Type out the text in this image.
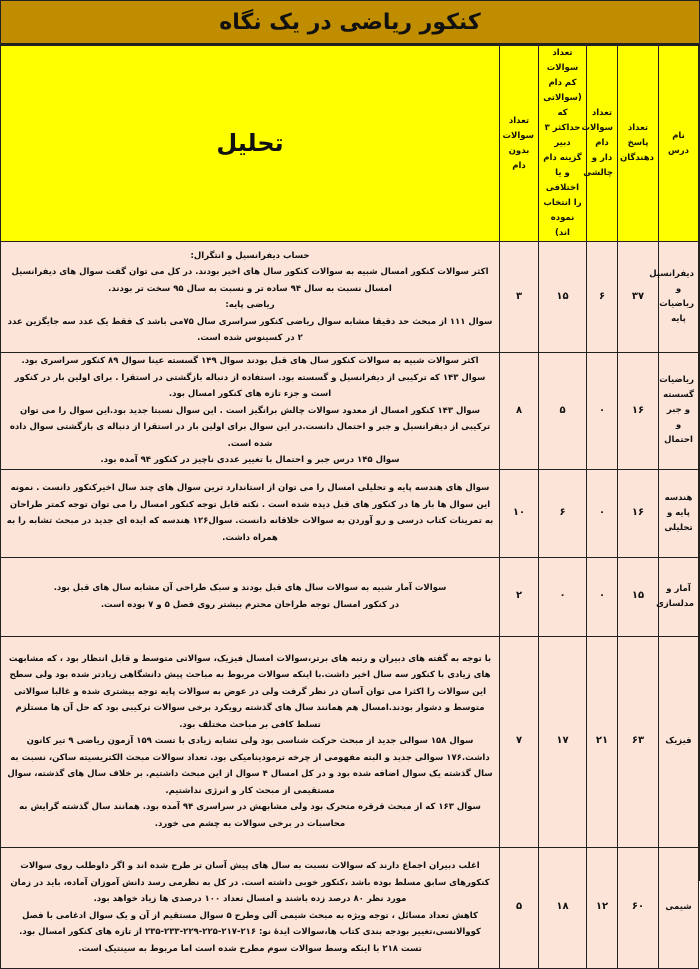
کنکور ریاضی در یک نگاه
نام درس	تعداد پاسخ دهندگان	تعداد سوالات دام دار و چالشی	تعداد سوالات کم دام (سوالاتی که حداکثر ۳ دبیر گزینه دام و یا اختلافی را انتخاب نموده اند)	تعداد سوالات بدون دام	تحلیل
دیفرانسیل و ریاضیات پایه	۳۷	۶	۱۵	۳	حساب دیفرانسیل و انتگرال:

اکثر سوالات کنکور امسال شبیه به سوالات کنکور سال های اخیر بودند. در کل می توان گفت سوال های دیفرانسیل امسال نسبت به سال ۹۴ ساده تر و نسبت به سال ۹۵ سخت تر بودند.

ریاضی پایه:

سوال ۱۱۱ از مبحث حد دقیقا مشابه سوال ریاضی کنکور سراسری سال ۷۵می باشد ک فقط یک عدد سه جایگزین عدد ۲ در کسینوس شده است.

ریاضیات گسسته و جبر و احتمال	۱۶	۰	۵	۸	اکثر سوالات شبیه به سوالات کنکور سال های قبل بودند سوال ۱۴۹ گسسته عینا سوال ۸۹ کنکور سراسری بود.

سوال ۱۴۳ که ترکیبی از دیفرانسیل و گسسته بود. استفاده از دنباله بازگشتی در استقرا . برای اولین بار در کنکور است و جزء تازه های کنکور امسال بود.

سوال ۱۴۳ کنکور امسال از معدود سوالات چالش برانگیز است . این سوال نسبتا جدید بود.این سوال را می توان ترکیبی از دیفرانسیل و جبر و احتمال دانست.در این سوال برای اولین بار در استقرا از دنباله ی بازگشتی سوال داده شده است.

سوال ۱۴۵ درس جبر و احتمال با تغییر عددی ناچیز در کنکور ۹۴ آمده بود.

هندسه پایه و تحلیلی	۱۶	۰	۶	۱۰	سوال های هندسه پایه و تحلیلی امسال را می توان از استاندارد ترین سوال های چند سال اخیرکنکور دانست . نمونه این سوال ها بار ها در کنکور های قبل دیده شده است . نکته قابل توجه کنکور امسال را می توان توجه کمتر طراحان به تمرینات کتاب درسی و رو آوردن به سوالات خلاقانه دانست. سوال۱۲۶ هندسه که ایده ای جدید در مبحث تشابه را به همراه داشت.

آمار و مدلسازی	۱۵	۰	۰	۲	سوالات آمار شبیه به سوالات سال های قبل بودند و سبک طراحی آن مشابه سال های قبل بود.

در کنکور امسال توجه طراحان محترم بیشتر روی فصل ۵ و ۷ بوده است.

فیزیک	۶۳	۲۱	۱۷	۷	با توجه به گفته های دبیران و رتبه های برتر،سوالات امسال فیزیک، سوالاتی متوسط و قابل انتظار بود ، که مشابهت های زیادی با کنکور سه سال اخیر داشت.با اینکه سوالات مربوط به مباحث پیش دانشگاهی زیادتر شده بود ولی سطح این سوالات را اکثرا می توان آسان در نظر گرفت ولی در عوض به سوالات پایه توجه بیشتری شده و غالبا سوالاتی متوسط و دشوار بودند.امسال هم همانند سال های گذشته رویکرد برخی سوالات ترکیبی بود که حل آن ها مستلزم تسلط کافی بر مباحث مختلف بود.

سوال ۱۵۸ سوالی جدید از مبحث حرکت شناسی بود ولی تشابه زیادی با تست ۱۵۹ آزمون ریاضی ۹ تیر کانون داشت.۱۷۶ سوالی جدید و البته مفهومی از چرخه ترمودینامیکی بود. تعداد سوالات مبحث الکتریسیته ساکن، نسبت به سال گذشته یک سوال اضافه شده بود و در کل امسال ۴ سوال از این مبحث داشتیم. بر خلاف سال های گذشته، سوال مستقیمی از مبحث کار و انرژی نداشتیم.

سوال ۱۶۳ که از مبحث قرقره متحرک بود ولی مشابهش در سراسری ۹۴ آمده بود. همانند سال گذشته گرایش به محاسبات در برخی سوالات به چشم می خورد.

شیمی	۶۰	۱۲	۱۸	۵	اغلب دبیران اجماع دارند که سوالات نسبت به سال های پیش آسان تر طرح شده اند و اگر داوطلب روی سوالات کنکورهای سابق مسلط بوده باشد ،کنکور خوبی داشته است. در کل به نظرمی رسد دانش آموزان آماده، باید در زمان مورد نظر ۸۰ درصد زده باشند و امسال تعداد ۱۰۰ درصدی ها زیاد خواهد بود.

کاهش تعداد مسائل ، توجه ویژه به مبحث شیمی آلی وطرح ۵ سوال مستقیم از آن و یک سوال ادغامی با فصل کووالانسی،تغییر بودجه بندی کتاب ها،سوالات ایدهٔ نو: ۲۱۶-۲۱۷-۲۲۵-۲۲۹-۲۳۳-۲۳۵ از تازه های کنکور امسال بود.

تست ۲۱۸ با اینکه وسط سوالات سوم مطرح شده است اما مربوط به سینتیک است.
